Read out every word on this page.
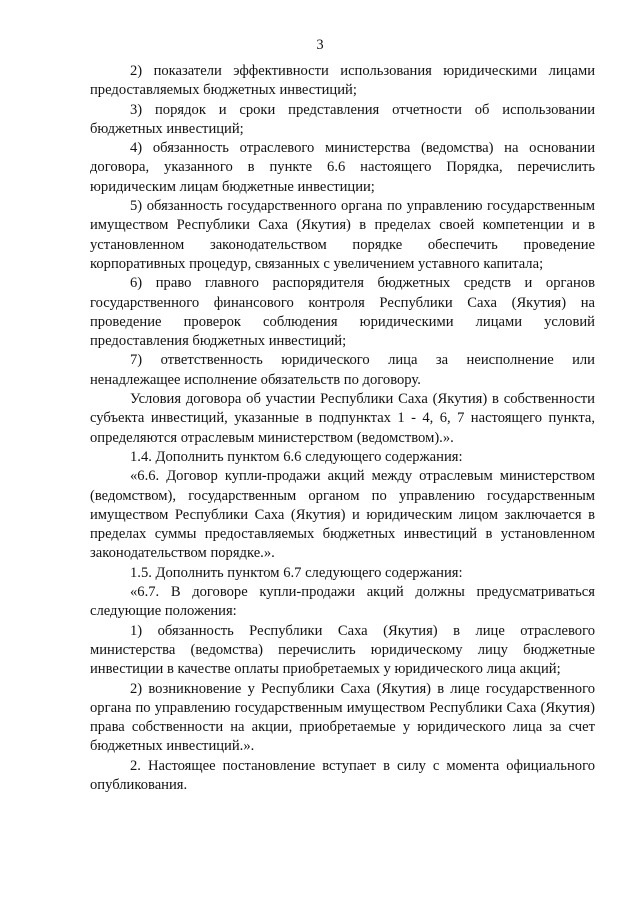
3

2) показатели эффективности использования юридическими лицами предоставляемых бюджетных инвестиций;

3) порядок и сроки представления отчетности об использовании бюджетных инвестиций;

4) обязанность отраслевого министерства (ведомства) на основании договора, указанного в пункте 6.6 настоящего Порядка, перечислить юридическим лицам бюджетные инвестиции;

5) обязанность государственного органа по управлению государственным имуществом Республики Саха (Якутия) в пределах своей компетенции и в установленном законодательством порядке обеспечить проведение корпоративных процедур, связанных с увеличением уставного капитала;

6) право главного распорядителя бюджетных средств и органов государственного финансового контроля Республики Саха (Якутия) на проведение проверок соблюдения юридическими лицами условий предоставления бюджетных инвестиций;

7) ответственность юридического лица за неисполнение или ненадлежащее исполнение обязательств по договору.

Условия договора об участии Республики Саха (Якутия) в собственности субъекта инвестиций, указанные в подпунктах 1 - 4, 6, 7 настоящего пункта, определяются отраслевым министерством (ведомством).».

1.4. Дополнить пунктом 6.6 следующего содержания:

«6.6. Договор купли-продажи акций между отраслевым министерством (ведомством), государственным органом по управлению государственным имуществом Республики Саха (Якутия) и юридическим лицом заключается в пределах суммы предоставляемых бюджетных инвестиций в установленном законодательством порядке.».

1.5. Дополнить пунктом 6.7 следующего содержания:

«6.7. В договоре купли-продажи акций должны предусматриваться следующие положения:

1) обязанность Республики Саха (Якутия) в лице отраслевого министерства (ведомства) перечислить юридическому лицу бюджетные инвестиции в качестве оплаты приобретаемых у юридического лица акций;

2) возникновение у Республики Саха (Якутия) в лице государственного органа по управлению государственным имуществом Республики Саха (Якутия) права собственности на акции, приобретаемые у юридического лица за счет бюджетных инвестиций.».

2. Настоящее постановление вступает в силу с момента официального опубликования.
